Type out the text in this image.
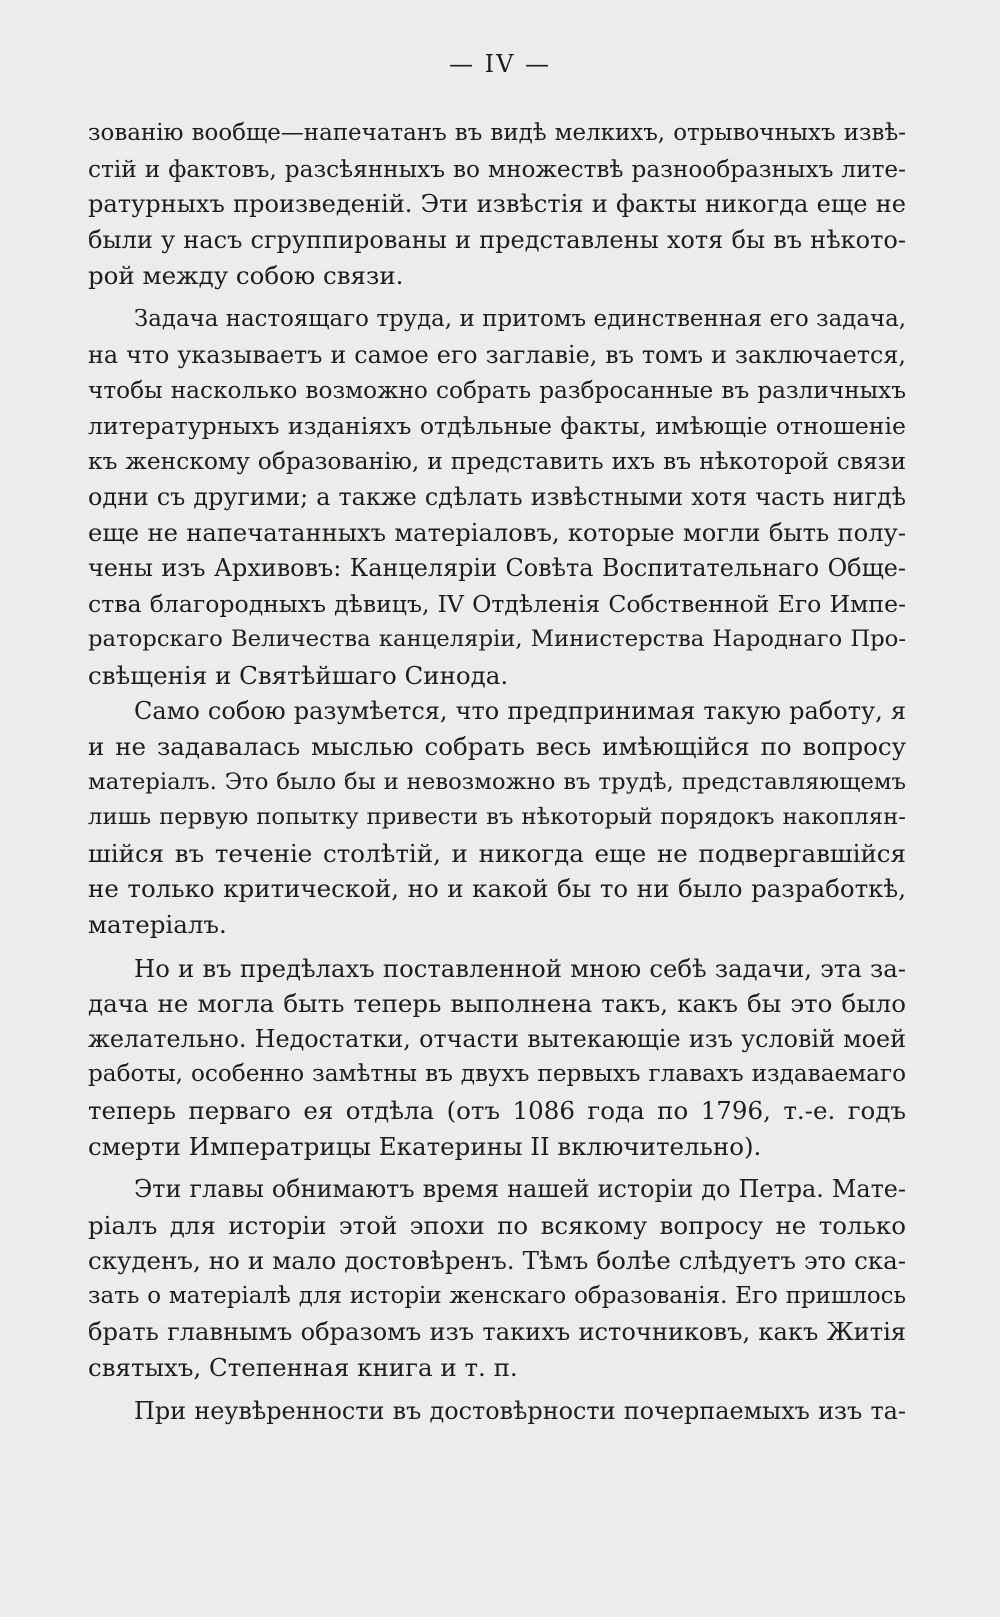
— IV —

зованію вообще—напечатанъ въ видѣ мелкихъ, отрывочныхъ извѣ-
стій и фактовъ, разсѣянныхъ во множествѣ разнообразныхъ лите-
ратурныхъ произведеній. Эти извѣстія и факты никогда еще не
были у насъ сгруппированы и представлены хотя бы въ нѣкото-
рой между собою связи.

Задача настоящаго труда, и притомъ единственная его задача,
на что указываетъ и самое его заглавіе, въ томъ и заключается,
чтобы насколько возможно собрать разбросанные въ различныхъ
литературныхъ изданіяхъ отдѣльные факты, имѣющіе отношеніе
къ женскому образованію, и представить ихъ въ нѣкоторой связи
одни съ другими; а также сдѣлать извѣстными хотя часть нигдѣ
еще не напечатанныхъ матеріаловъ, которые могли быть полу-
чены изъ Архивовъ: Канцеляріи Совѣта Воспитательнаго Обще-
ства благородныхъ дѣвицъ, IV Отдѣленія Собственной Его Импе-
раторскаго Величества канцеляріи, Министерства Народнаго Про-
свѣщенія и Святѣйшаго Синода.

Само собою разумѣется, что предпринимая такую работу, я
и не задавалась мыслью собрать весь имѣющійся по вопросу
матеріалъ. Это было бы и невозможно въ трудѣ, представляющемъ
лишь первую попытку привести въ нѣкоторый порядокъ накоплян-
шійся въ теченіе столѣтій, и никогда еще не подвергавшійся
не только критической, но и какой бы то ни было разработкѣ,
матеріалъ.

Но и въ предѣлахъ поставленной мною себѣ задачи, эта за-
дача не могла быть теперь выполнена такъ, какъ бы это было
желательно. Недостатки, отчасти вытекающіе изъ условій моей
работы, особенно замѣтны въ двухъ первыхъ главахъ издаваемаго
теперь перваго ея отдѣла (отъ 1086 года по 1796, т.-е. годъ
смерти Императрицы Екатерины II включительно).

Эти главы обнимаютъ время нашей исторіи до Петра. Мате-
ріалъ для исторіи этой эпохи по всякому вопросу не только
скуденъ, но и мало достовѣренъ. Тѣмъ болѣе слѣдуетъ это ска-
зать о матеріалѣ для исторіи женскаго образованія. Его пришлось
брать главнымъ образомъ изъ такихъ источниковъ, какъ Житія
святыхъ, Степенная книга и т. п.

При неувѣренности въ достовѣрности почерпаемыхъ изъ та-
